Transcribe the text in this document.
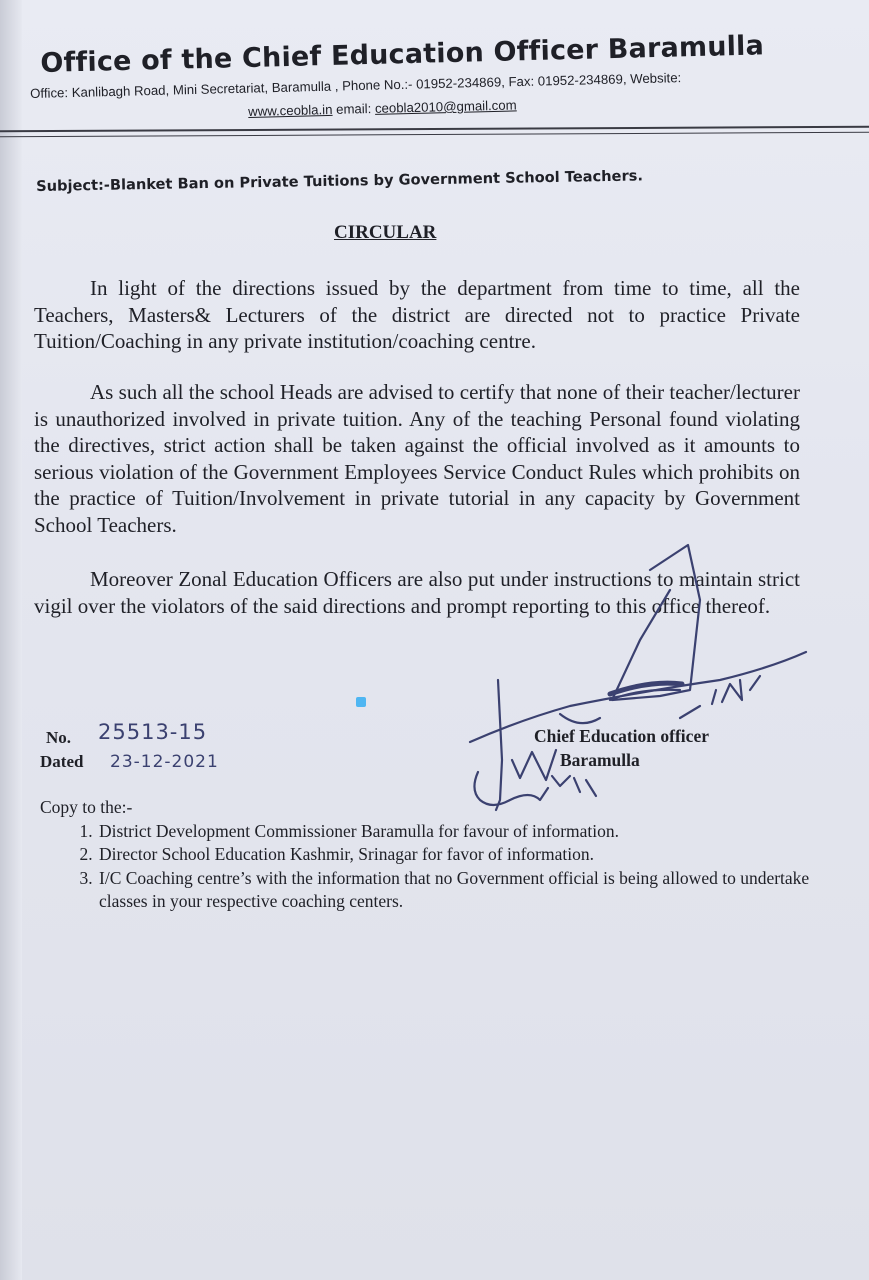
Office of the Chief Education Officer Baramulla
Office: Kanlibagh Road, Mini Secretariat, Baramulla , Phone No.:- 01952-234869, Fax: 01952-234869, Website:
www.ceobla.in email: ceobla2010@gmail.com
Subject:-Blanket Ban on Private Tuitions by Government School Teachers.
CIRCULAR
In light of the directions issued by the department from time to time, all the Teachers, Masters& Lecturers of the district are directed not to practice Private Tuition/Coaching in any private institution/coaching centre.
As such all the school Heads are advised to certify that none of their teacher/lecturer is unauthorized involved in private tuition. Any of the teaching Personal found violating the directives, strict action shall be taken against the official involved as it amounts to serious violation of the Government Employees Service Conduct Rules which prohibits on the practice of Tuition/Involvement in private tutorial in any capacity by Government School Teachers.
Moreover Zonal Education Officers are also put under instructions to maintain strict vigil over the violators of the said directions and prompt reporting to this office thereof.
No. 25513-15
Dated 23-12-2021
Chief Education officer
Baramulla
Copy to the:-
1. District Development Commissioner Baramulla for favour of information.
2. Director School Education Kashmir, Srinagar for favor of information.
3. I/C Coaching centre’s with the information that no Government official is being allowed to undertake classes in your respective coaching centers.
